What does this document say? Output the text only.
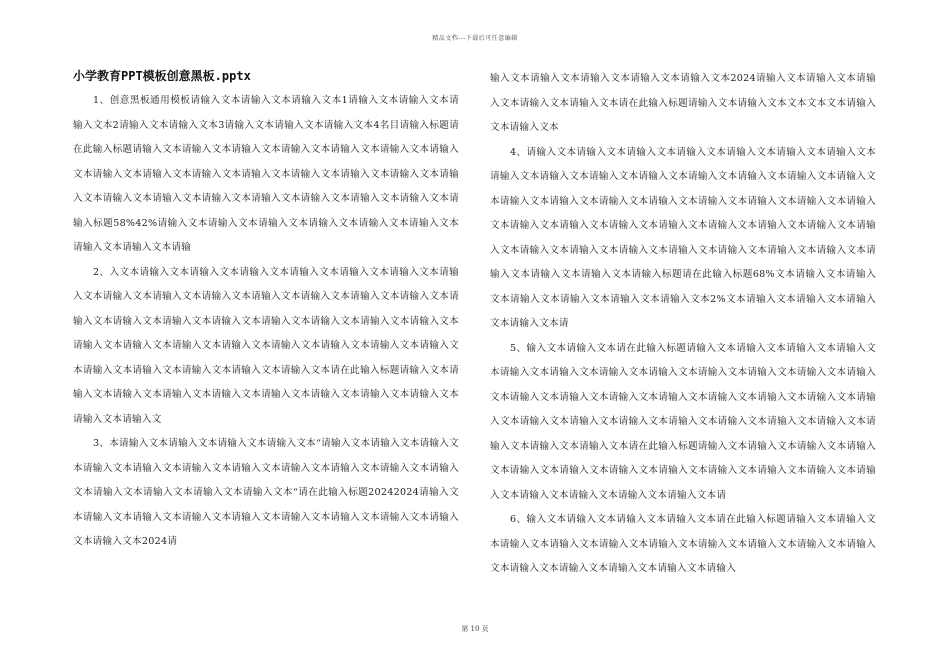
精品文档---下载后可任意编辑
小学教育PPT模板创意黑板.pptx

1、创意黑板通用模板请输入文本请输入文本请输入文本1请输入文本请输入文本请输入文本2请输入文本请输入文本3请输入文本请输入文本请输入文本4名目请输入标题请在此输入标题请输入文本请输入文本请输入文本请输入文本请输入文本请输入文本请输入文本请输入文本请输入文本请输入文本请输入文本请输入文本请输入文本请输入文本请输入文本请输入文本请输入文本请输入文本请输入文本请输入文本请输入文本请输入文本请输入标题58%42%请输入文本请输入文本请输入文本请输入文本请输入文本请输入文本请输入文本请输入文本请输

2、入文本请输入文本请输入文本请输入文本请输入文本请输入文本请输入文本请输入文本请输入文本请输入文本请输入文本请输入文本请输入文本请输入文本请输入文本请输入文本请输入文本请输入文本请输入文本请输入文本请输入文本请输入文本请输入文本请输入文本请输入文本请输入文本请输入文本请输入文本请输入文本请输入文本请输入文本请输入文本请输入文本请输入文本请输入文本请输入文本请在此输入标题请输入文本请输入文本请输入文本请输入文本请输入文本请输入文本请输入文本请输入文本请输入文本请输入文本请输入文

3、本请输入文本请输入文本请输入文本请输入文本“请输入文本请输入文本请输入文本请输入文本请输入文本请输入文本请输入文本请输入文本请输入文本请输入文本请输入文本请输入文本请输入文本请输入文本请输入文本“请在此输入标题20242024请输入文本请输入文本请输入文本请输入文本请输入文本请输入文本请输入文本请输入文本请输入文本请输入文本2024请

输入文本请输入文本请输入文本请输入文本请输入文本2024请输入文本请输入文本请输入文本请输入文本请输入文本请在此输入标题请输入文本请输入文本文本文本文本请输入文本请输入文本

4、请输入文本请输入文本请输入文本请输入文本请输入文本请输入文本请输入文本请输入文本请输入文本请输入文本请输入文本请输入文本请输入文本请输入文本请输入文本请输入文本请输入文本请输入文本请输入文本请输入文本请输入文本请输入文本请输入文本请输入文本请输入文本请输入文本请输入文本请输入文本请输入文本请输入文本请输入文本请输入文本请输入文本请输入文本请输入文本请输入文本请输入文本请输入文本请输入文本请输入文本请输入文本请输入标题请在此输入标题68%文本请输入文本请输入文本请输入文本请输入文本请输入文本请输入文本2%文本请输入文本请输入文本请输入文本请输入文本请

5、输入文本请输入文本请在此输入标题请输入文本请输入文本请输入文本请输入文本请输入文本请输入文本请输入文本请输入文本请输入文本请输入文本请输入文本请输入文本请输入文本请输入文本请输入文本请输入文本请输入文本请输入文本请输入文本请输入文本请输入文本请输入文本请输入文本请输入文本请输入文本请输入文本请输入文本请输入文本请输入文本请输入文本请在此输入标题请输入文本请输入文本请输入文本请输入文本请输入文本请输入文本请输入文本请输入文本请输入文本请输入文本请输入文本请输入文本请输入文本请输入文本请输入文本请输入文本请

6、输入文本请输入文本请输入文本请输入文本请在此输入标题请输入文本请输入文本请输入文本请输入文本请输入文本请输入文本请输入文本请输入文本请输入文本请输入文本请输入文本请输入文本请输入文本请输入文本请输入

第 10 页
